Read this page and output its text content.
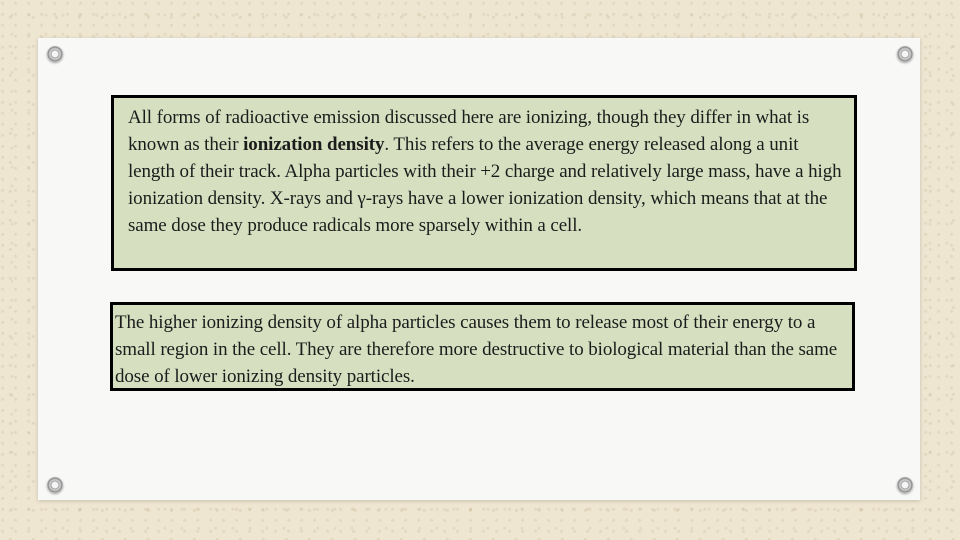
All forms of radioactive emission discussed here are ionizing, though they differ in what is known as their ionization density. This refers to the average energy released along a unit length of their track. Alpha particles with their +2 charge and relatively large mass, have a high ionization density. X-rays and γ-rays have a lower ionization density, which means that at the same dose they produce radicals more sparsely within a cell.
The higher ionizing density of alpha particles causes them to release most of their energy to a small region in the cell. They are therefore more destructive to biological material than the same dose of lower ionizing density particles.
